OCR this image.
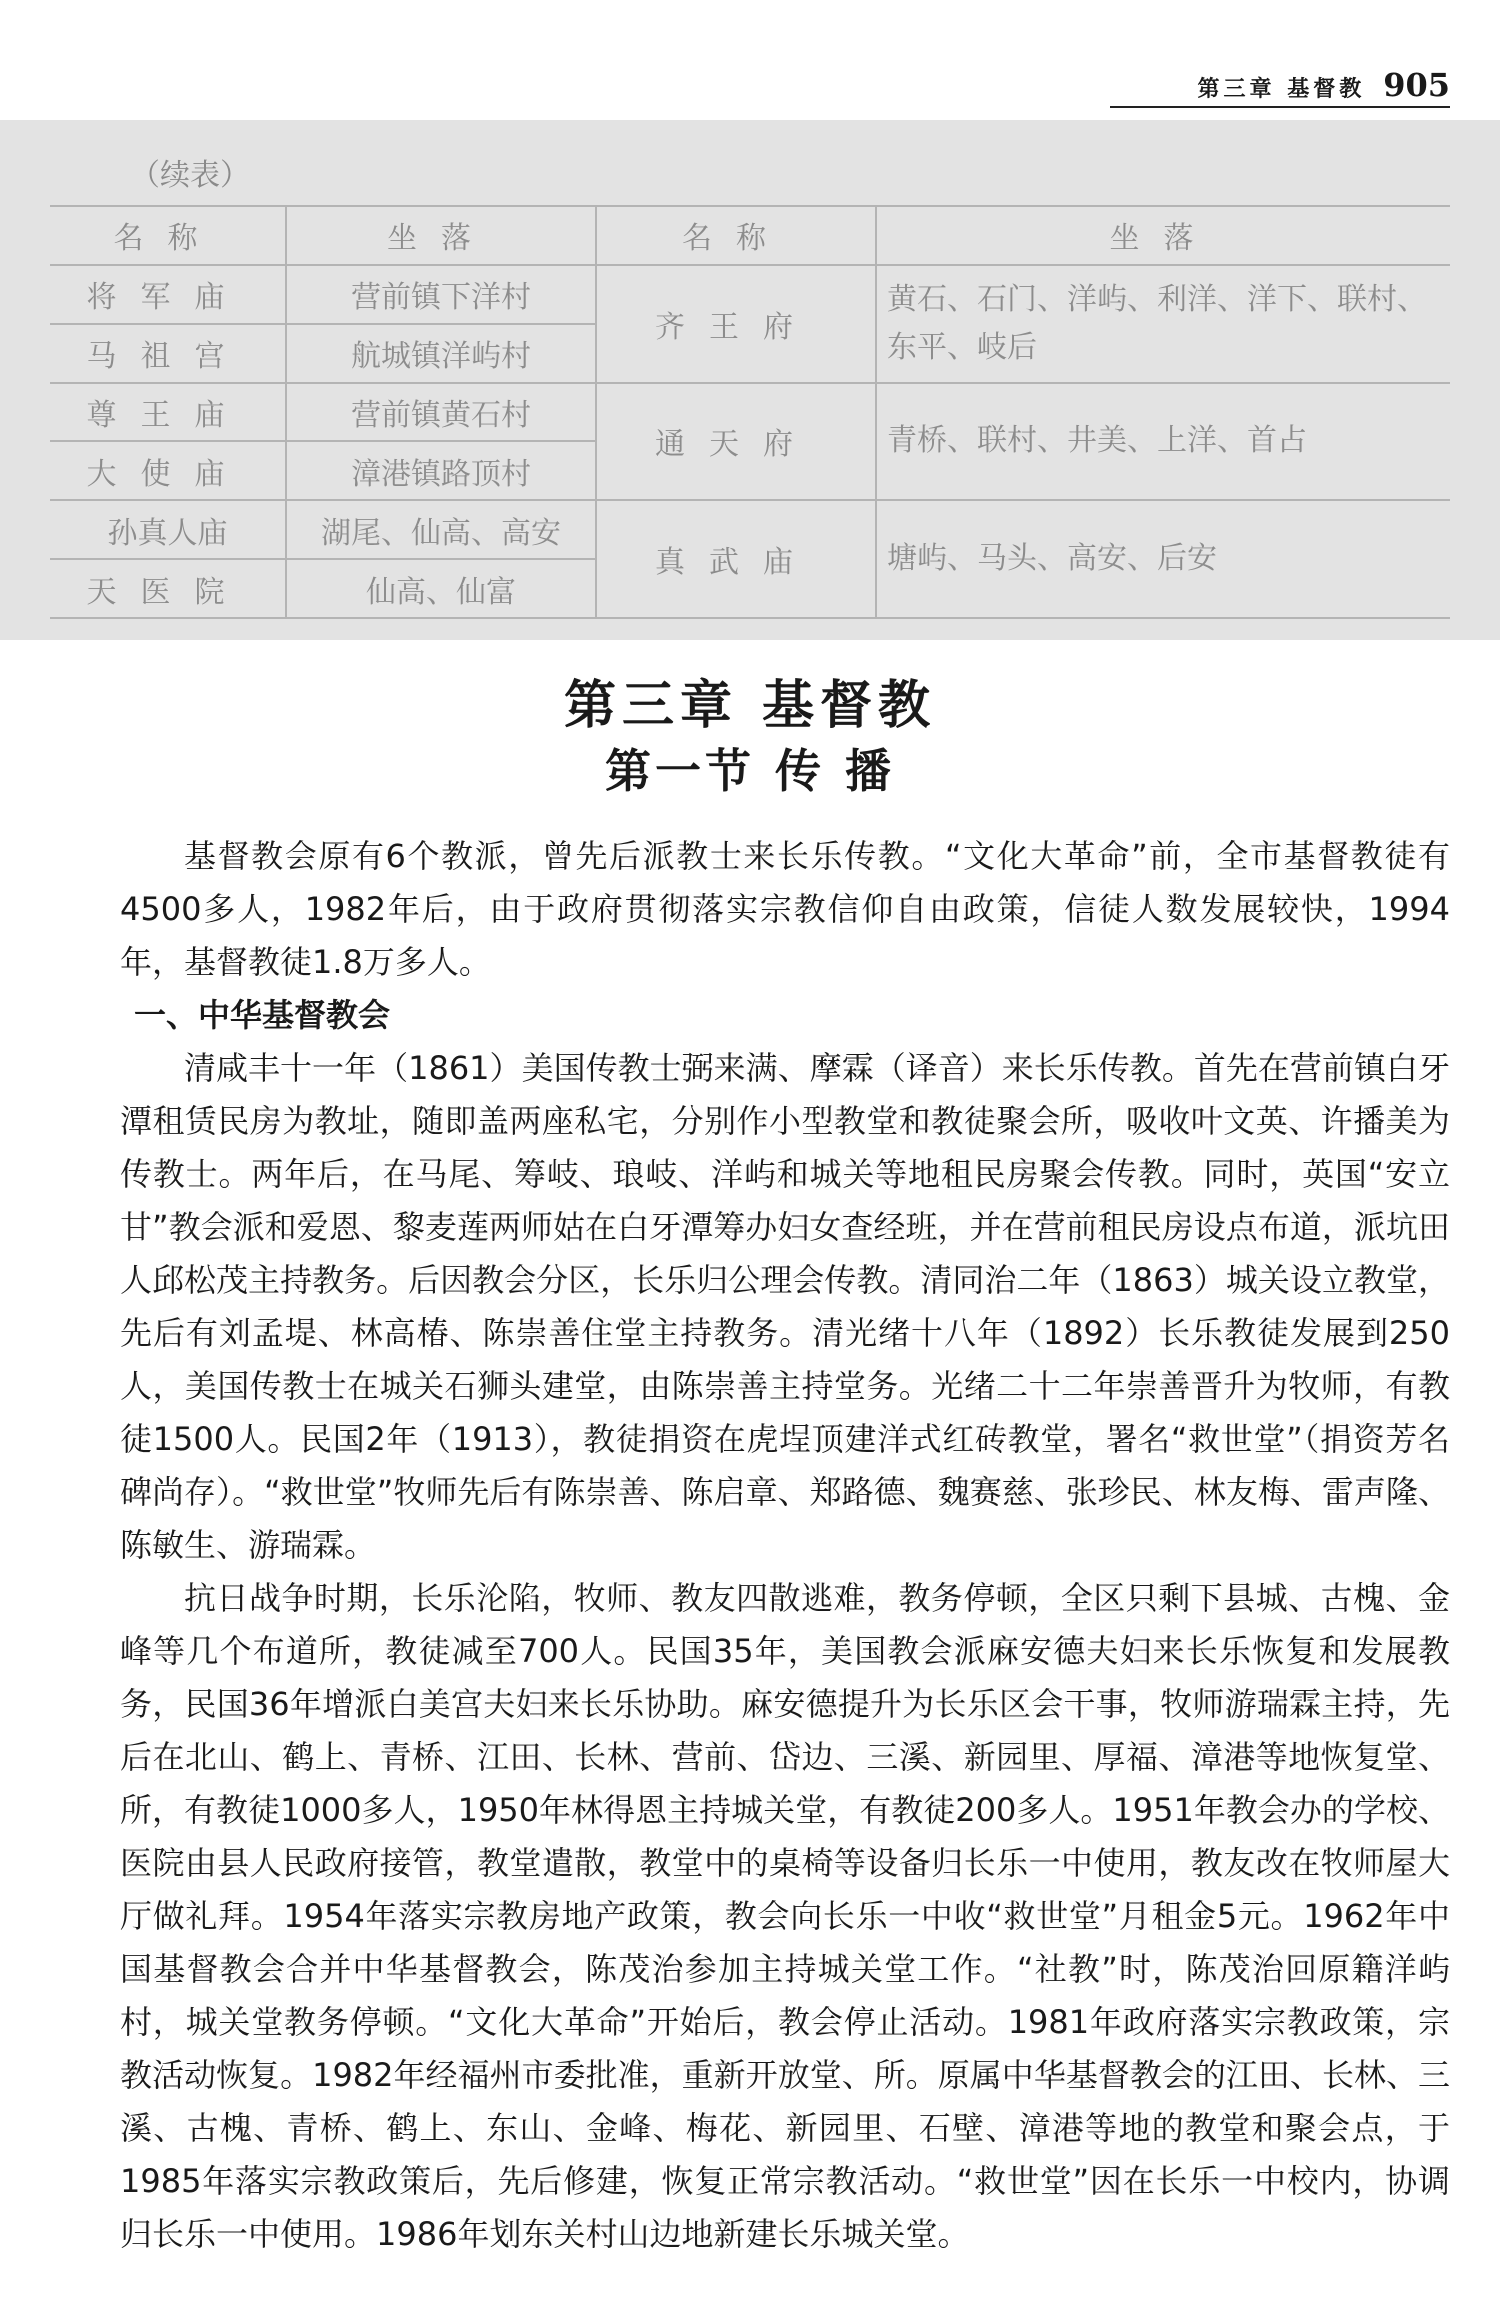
第三章 基督教 905
（续表）
名称	坐落	名称	坐落
将军庙	营前镇下洋村	齐王府	黄石、石门、洋屿、利洋、洋下、联村、东平、岐后
马祖宫	航城镇洋屿村		
尊王庙	营前镇黄石村	通天府	青桥、联村、井美、上洋、首占
大使庙	漳港镇路顶村		
孙真人庙	湖尾、仙高、高安	真武庙	塘屿、马头、高安、后安
天医院	仙高、仙富		
第三章 基督教
第一节 传 播

基督教会原有6个教派，曾先后派教士来长乐传教。“文化大革命”前，全市基督教徒有4500多人，1982年后，由于政府贯彻落实宗教信仰自由政策，信徒人数发展较快，1994年，基督教徒1.8万多人。

一、中华基督教会

清咸丰十一年（1861）美国传教士弼来满、摩霖（译音）来长乐传教。首先在营前镇白牙潭租赁民房为教址，随即盖两座私宅，分别作小型教堂和教徒聚会所，吸收叶文英、许播美为传教士。两年后，在马尾、筹岐、琅岐、洋屿和城关等地租民房聚会传教。同时，英国“安立甘”教会派和爱恩、黎麦莲两师姑在白牙潭筹办妇女查经班，并在营前租民房设点布道，派坑田人邱松茂主持教务。后因教会分区，长乐归公理会传教。清同治二年（1863）城关设立教堂，先后有刘孟堤、林高椿、陈崇善住堂主持教务。清光绪十八年（1892）长乐教徒发展到250人，美国传教士在城关石狮头建堂，由陈崇善主持堂务。光绪二十二年崇善晋升为牧师，有教徒1500人。民国2年（1913），教徒捐资在虎埕顶建洋式红砖教堂，署名“救世堂”（捐资芳名碑尚存）。“救世堂”牧师先后有陈崇善、陈启章、郑路德、魏赛慈、张珍民、林友梅、雷声隆、陈敏生、游瑞霖。

抗日战争时期，长乐沦陷，牧师、教友四散逃难，教务停顿，全区只剩下县城、古槐、金峰等几个布道所，教徒减至700人。民国35年，美国教会派麻安德夫妇来长乐恢复和发展教务，民国36年增派白美宫夫妇来长乐协助。麻安德提升为长乐区会干事，牧师游瑞霖主持，先后在北山、鹤上、青桥、江田、长林、营前、岱边、三溪、新园里、厚福、漳港等地恢复堂、所，有教徒1000多人，1950年林得恩主持城关堂，有教徒200多人。1951年教会办的学校、医院由县人民政府接管，教堂遣散，教堂中的桌椅等设备归长乐一中使用，教友改在牧师屋大厅做礼拜。1954年落实宗教房地产政策，教会向长乐一中收“救世堂”月租金5元。1962年中国基督教会合并中华基督教会，陈茂治参加主持城关堂工作。“社教”时，陈茂治回原籍洋屿村，城关堂教务停顿。“文化大革命”开始后，教会停止活动。1981年政府落实宗教政策，宗教活动恢复。1982年经福州市委批准，重新开放堂、所。原属中华基督教会的江田、长林、三溪、古槐、青桥、鹤上、东山、金峰、梅花、新园里、石壁、漳港等地的教堂和聚会点，于1985年落实宗教政策后，先后修建，恢复正常宗教活动。“救世堂”因在长乐一中校内，协调归长乐一中使用。1986年划东关村山边地新建长乐城关堂。
